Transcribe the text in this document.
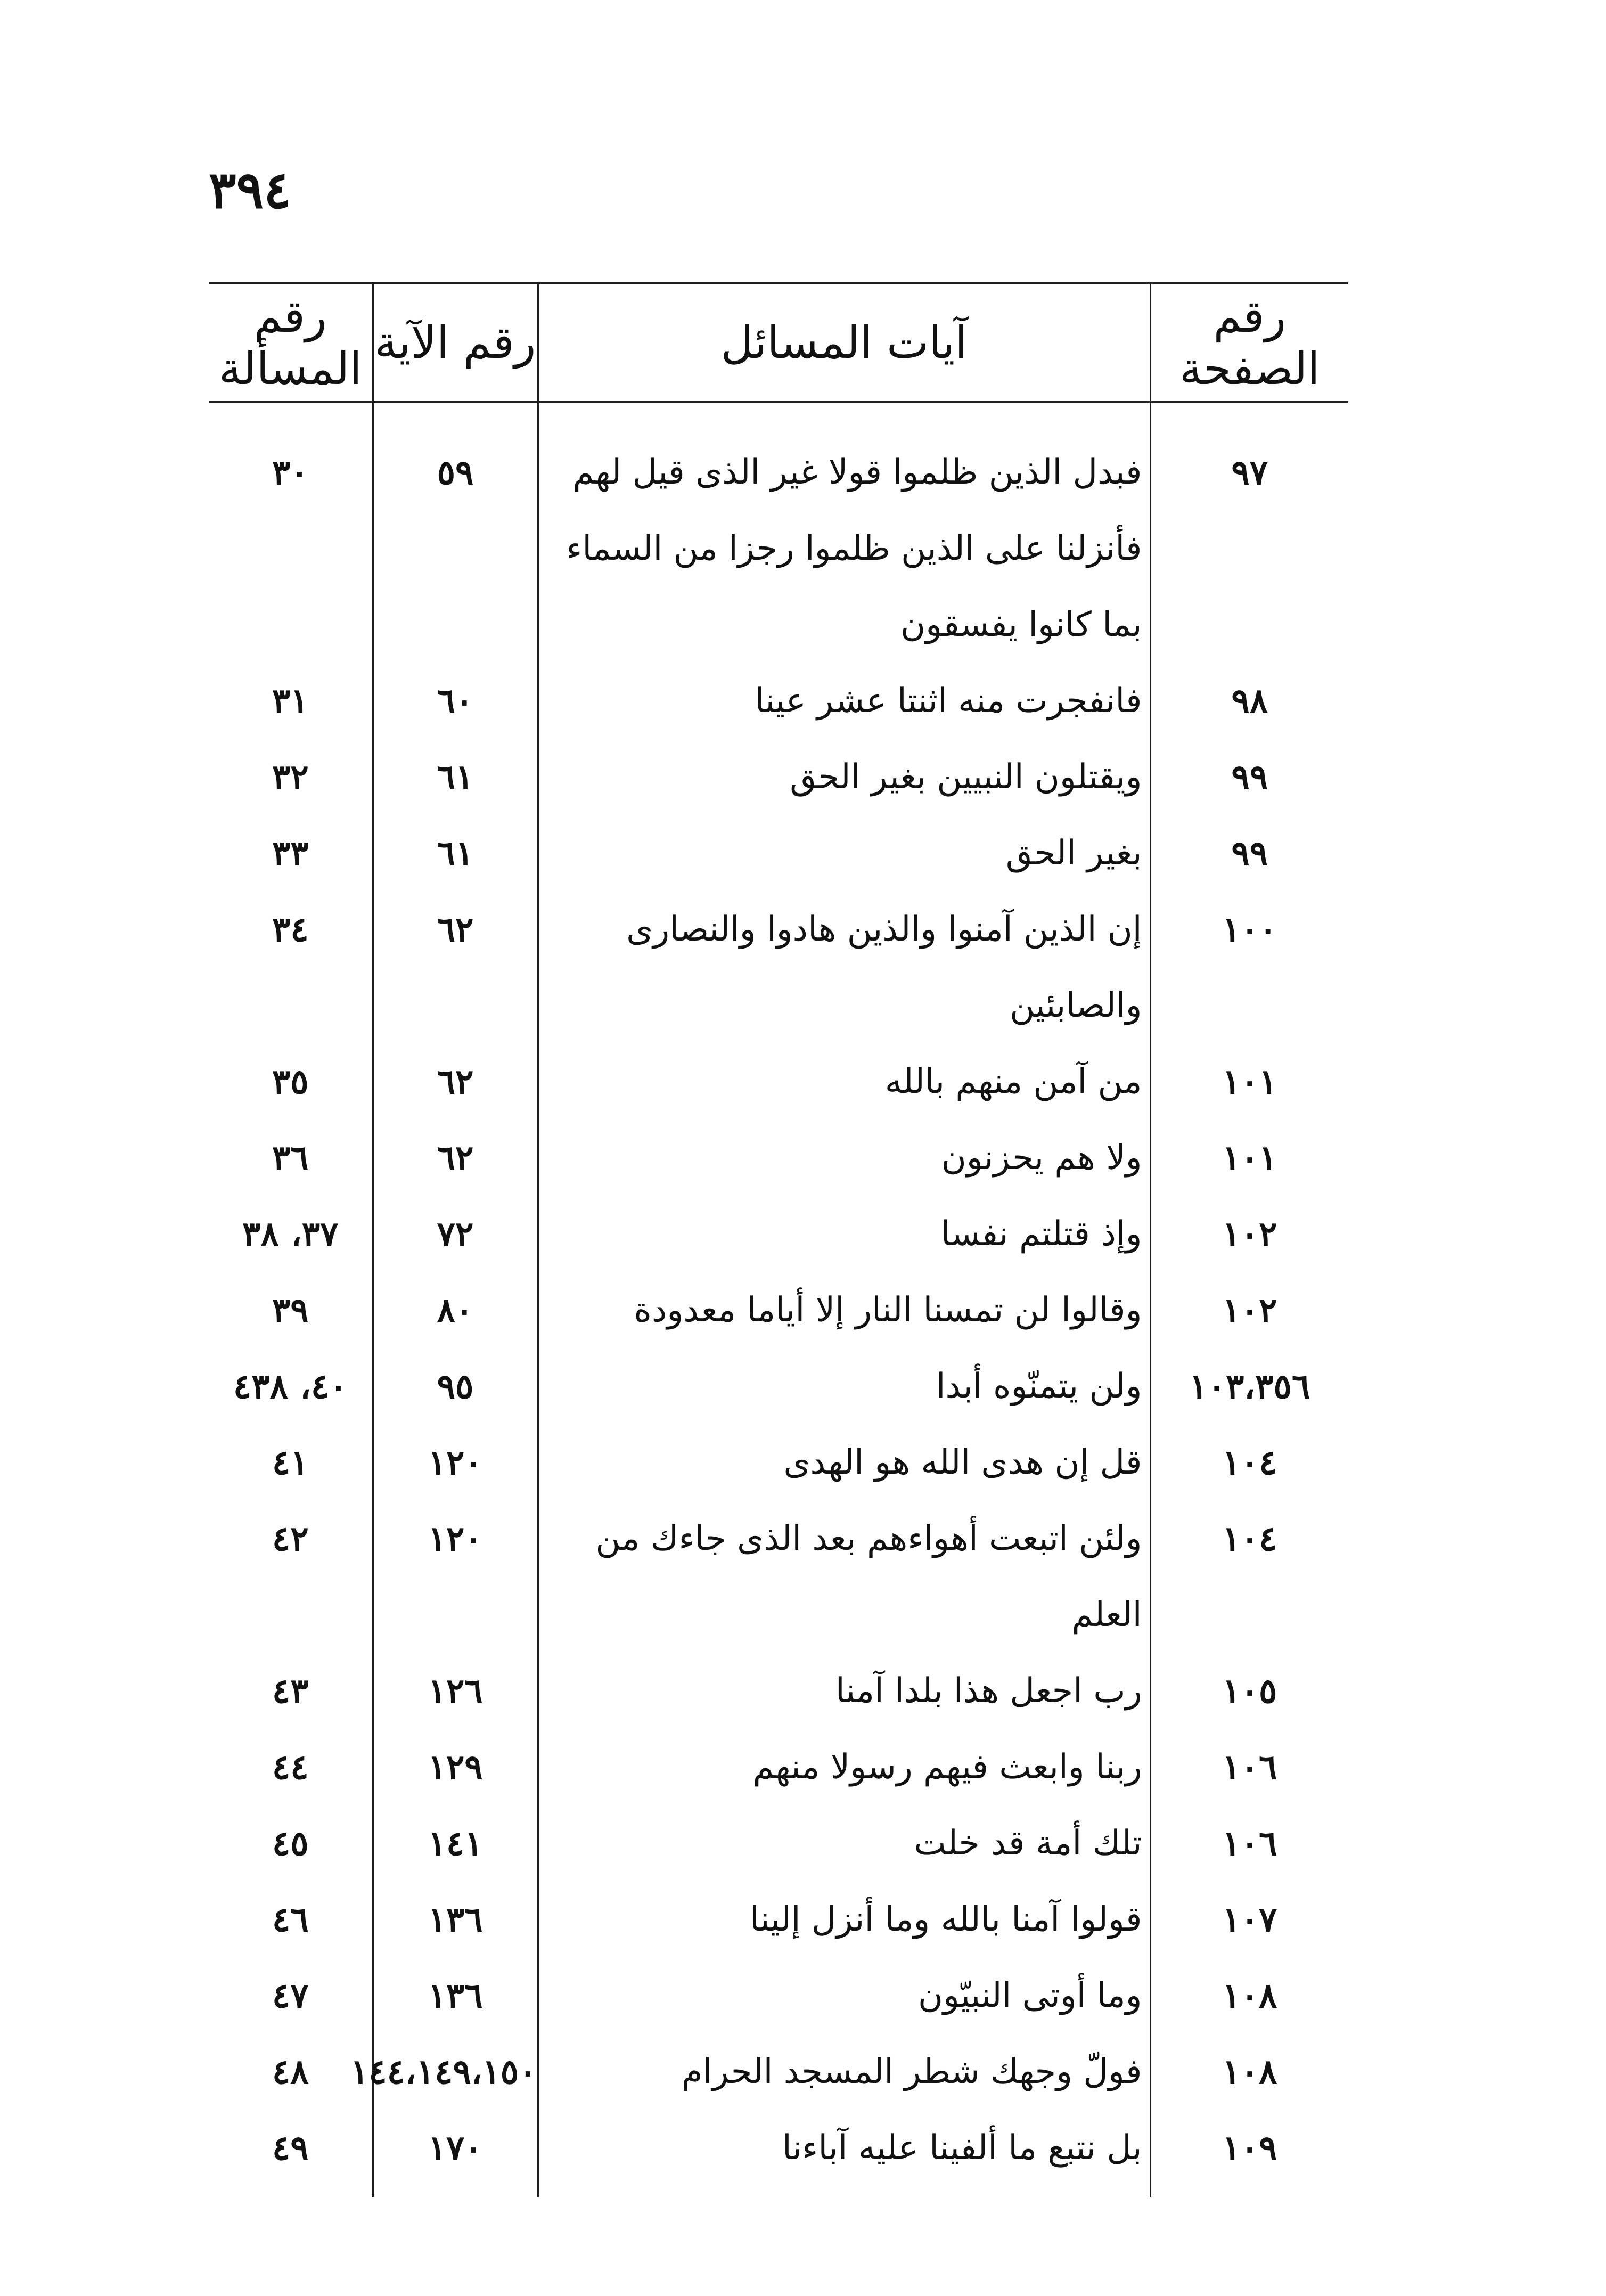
٣٩٤
رقم الصفحة	آيات المسائل	رقم الآية	رقم المسألة
٩٧	فبدل الذين ظلموا قولا غير الذى قيل لهم فأنزلنا على الذين ظلموا رجزا من السماء بما كانوا يفسقون	٥٩	٣٠
٩٨	فانفجرت منه اثنتا عشر عينا	٦٠	٣١
٩٩	ويقتلون النبيين بغير الحق	٦١	٣٢
٩٩	بغير الحق	٦١	٣٣
١٠٠	إن الذين آمنوا والذين هادوا والنصارى والصابئين	٦٢	٣٤
١٠١	من آمن منهم بالله	٦٢	٣٥
١٠١	ولا هم يحزنون	٦٢	٣٦
١٠٢	وإذ قتلتم نفسا	٧٢	٣٧، ٣٨
١٠٢	وقالوا لن تمسنا النار إلا أياما معدودة	٨٠	٣٩
١٠٣،٣٥٦	ولن يتمنّوه أبدا	٩٥	٤٠، ٤٣٨
١٠٤	قل إن هدى الله هو الهدى	١٢٠	٤١
١٠٤	ولئن اتبعت أهواءهم بعد الذى جاءك من العلم	١٢٠	٤٢
١٠٥	رب اجعل هذا بلدا آمنا	١٢٦	٤٣
١٠٦	ربنا وابعث فيهم رسولا منهم	١٢٩	٤٤
١٠٦	تلك أمة قد خلت	١٤١	٤٥
١٠٧	قولوا آمنا بالله وما أنزل إلينا	١٣٦	٤٦
١٠٨	وما أوتى النبيّون	١٣٦	٤٧
١٠٨	فولّ وجهك شطر المسجد الحرام	١٤٤،١٤٩،١٥٠	٤٨
١٠٩	بل نتبع ما ألفينا عليه آباءنا	١٧٠	٤٩
